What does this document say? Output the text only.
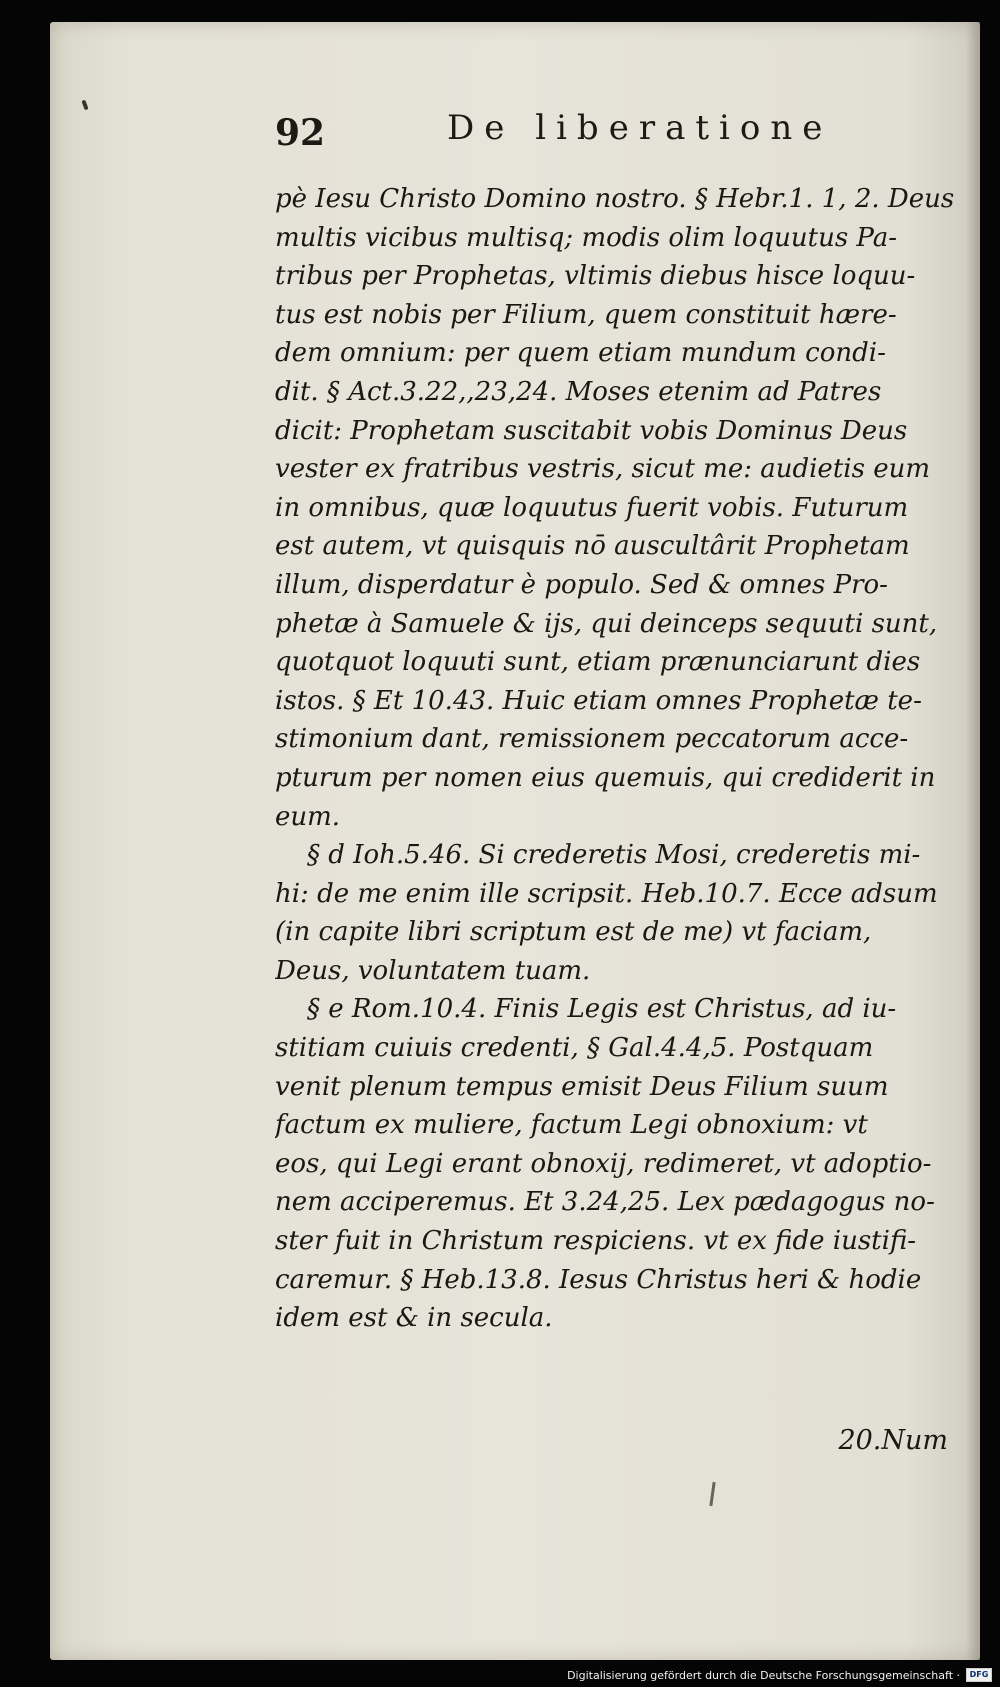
92	De liberatione
pè Iesu Christo Domino nostro. § Hebr.1. 1, 2. Deus
multis vicibus multisq; modis olim loquutus Pa-
tribus per Prophetas, vltimis diebus hisce loquu-
tus est nobis per Filium, quem constituit hære-
dem omnium: per quem etiam mundum condi-
dit. § Act.3.22,,23,24. Moses etenim ad Patres
dicit: Prophetam suscitabit vobis Dominus Deus
vester ex fratribus vestris, sicut me: audietis eum
in omnibus, quæ loquutus fuerit vobis. Futurum
est autem, vt quisquis nō auscultârit Prophetam
illum, disperdatur è populo. Sed & omnes Pro-
phetæ à Samuele & ijs, qui deinceps sequuti sunt,
quotquot loquuti sunt, etiam prænunciarunt dies
istos. § Et 10.43. Huic etiam omnes Prophetæ te-
stimonium dant, remissionem peccatorum acce-
pturum per nomen eius quemuis, qui crediderit in
eum.
§ d Ioh.5.46. Si crederetis Mosi, crederetis mi-
hi: de me enim ille scripsit. Heb.10.7. Ecce adsum
(in capite libri scriptum est de me) vt faciam,
Deus, voluntatem tuam.
§ e Rom.10.4. Finis Legis est Christus, ad iu-
stitiam cuiuis credenti, § Gal.4.4,5. Postquam
venit plenum tempus emisit Deus Filium suum
factum ex muliere, factum Legi obnoxium: vt
eos, qui Legi erant obnoxij, redimeret, vt adoptio-
nem acciperemus. Et 3.24,25. Lex pædagogus no-
ster fuit in Christum respiciens. vt ex fide iustifi-
caremur. § Heb.13.8. Iesus Christus heri & hodie
idem est & in secula.
20.Num
Digitalisierung gefördert durch die Deutsche Forschungsgemeinschaft ·	DFG
